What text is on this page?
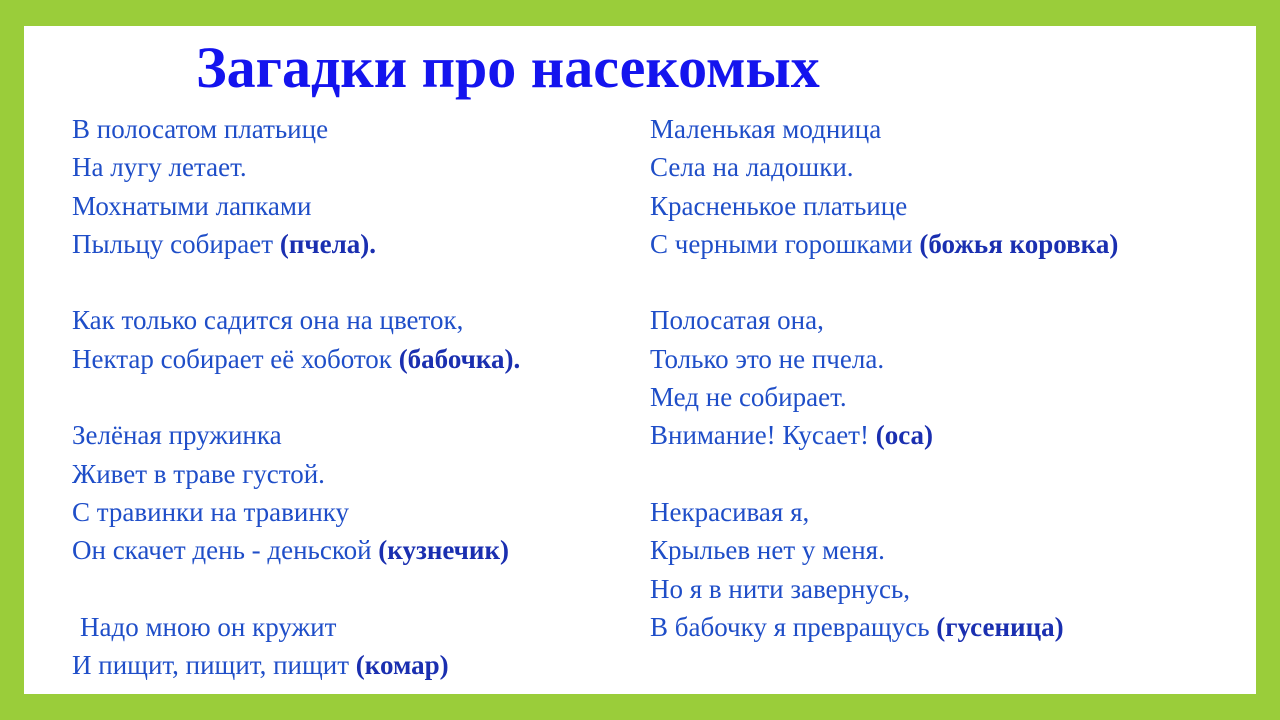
Загадки про насекомых
В полосатом платьице
На лугу летает.
Мохнатыми лапками
Пыльцу собирает (пчела).
Как только садится она на цветок,
Нектар собирает её хоботок (бабочка).
Зелёная пружинка
Живет в траве густой.
С травинки на травинку
Он скачет день - деньской (кузнечик)
Надо мною он кружит
И пищит, пищит, пищит (комар)
Маленькая модница
Села на ладошки.
Красненькое платьице
С черными горошками (божья коровка)
Полосатая она,
Только это не пчела.
Мед не собирает.
Внимание! Кусает! (оса)
Некрасивая я,
Крыльев нет у меня.
Но я в нити завернусь,
В бабочку я превращусь (гусеница)
